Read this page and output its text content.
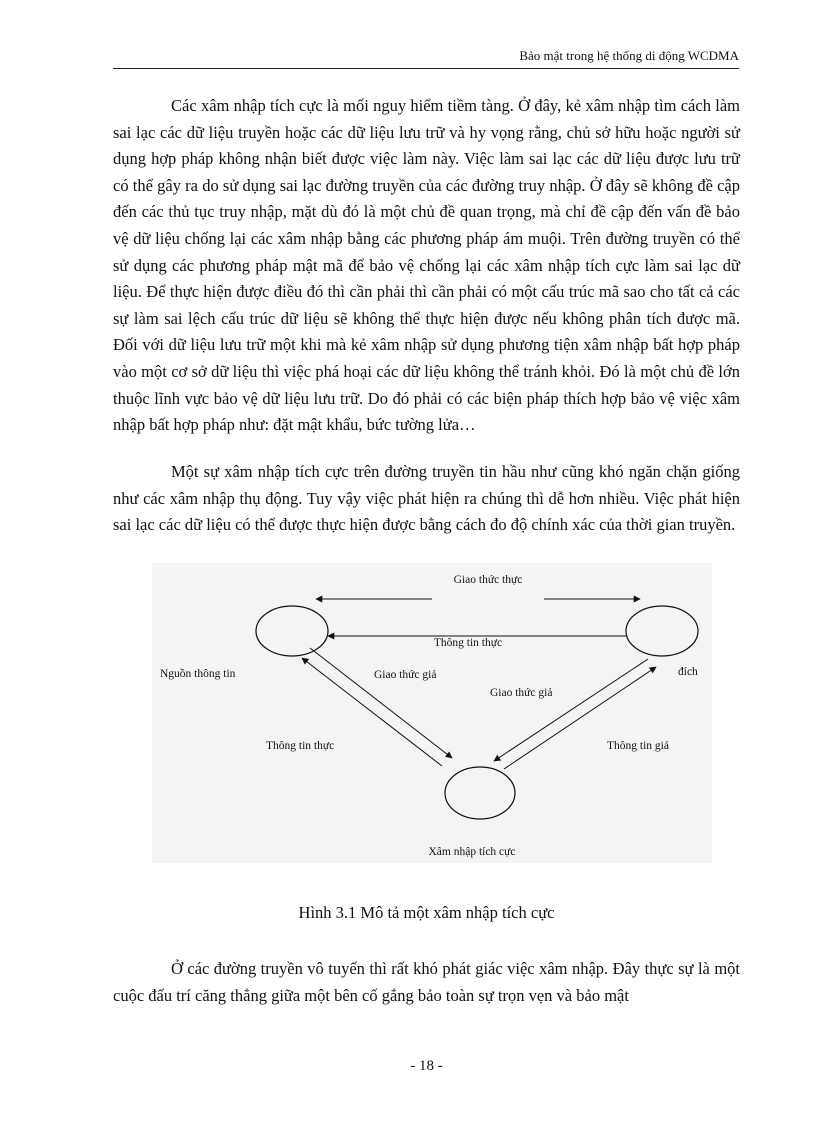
Bảo mật trong hệ thống di động WCDMA

Các xâm nhập tích cực là mối nguy hiểm tiềm tàng. Ở đây, kẻ xâm nhập tìm cách làm sai lạc các dữ liệu truyền hoặc các dữ liệu lưu trữ và hy vọng rằng, chủ sở hữu hoặc người sử dụng hợp pháp không nhận biết được việc làm này. Việc làm sai lạc các dữ liệu được lưu trữ có thể gây ra do sử dụng sai lạc đường truyền của các đường truy nhập. Ở đây sẽ không đề cập đến các thủ tục truy nhập, mặt dù đó là một chủ đề quan trọng, mà chỉ đề cập đến vấn đề bảo vệ dữ liệu chống lại các xâm nhập bằng các phương pháp ám muội. Trên đường truyền có thể sử dụng các phương pháp mật mã để bảo vệ chống lại các xâm nhập tích cực làm sai lạc dữ liệu. Để thực hiện được điều đó thì cần phải thì cần phải có một cấu trúc mã sao cho tất cả các sự làm sai lệch cấu trúc dữ liệu sẽ không thể thực hiện được nếu không phân tích được mã. Đối với dữ liệu lưu trữ một khi mà kẻ xâm nhập sử dụng phương tiện xâm nhập bất hợp pháp vào một cơ sở dữ liệu thì việc phá hoại các dữ liệu không thể tránh khỏi. Đó là một chủ đề lớn thuộc lĩnh vực bảo vệ dữ liệu lưu trữ. Do đó phải có các biện pháp thích hợp bảo vệ việc xâm nhập bất hợp pháp như: đặt mật khẩu, bức tường lửa…

Một sự xâm nhập tích cực trên đường truyền tin hầu như cũng khó ngăn chặn giống như các xâm nhập thụ động. Tuy vậy việc phát hiện ra chúng thì dễ hơn nhiều. Việc phát hiện sai lạc các dữ liệu có thể được thực hiện được bằng cách đo độ chính xác của thời gian truyền.

Giao thức thực
Thông tin thực
Nguồn thông tin	đích
Giao thức giả
Giao thức giả
Thông tin thực	Thông tin giả
Xâm nhập tích cực
Hình 3.1 Mô tả một xâm nhập tích cực

Ở các đường truyền vô tuyến thì rất khó phát giác việc xâm nhập. Đây thực sự là một cuộc đấu trí căng thẳng giữa một bên cố gắng bảo toàn sự trọn vẹn và bảo mật

- 18 -
